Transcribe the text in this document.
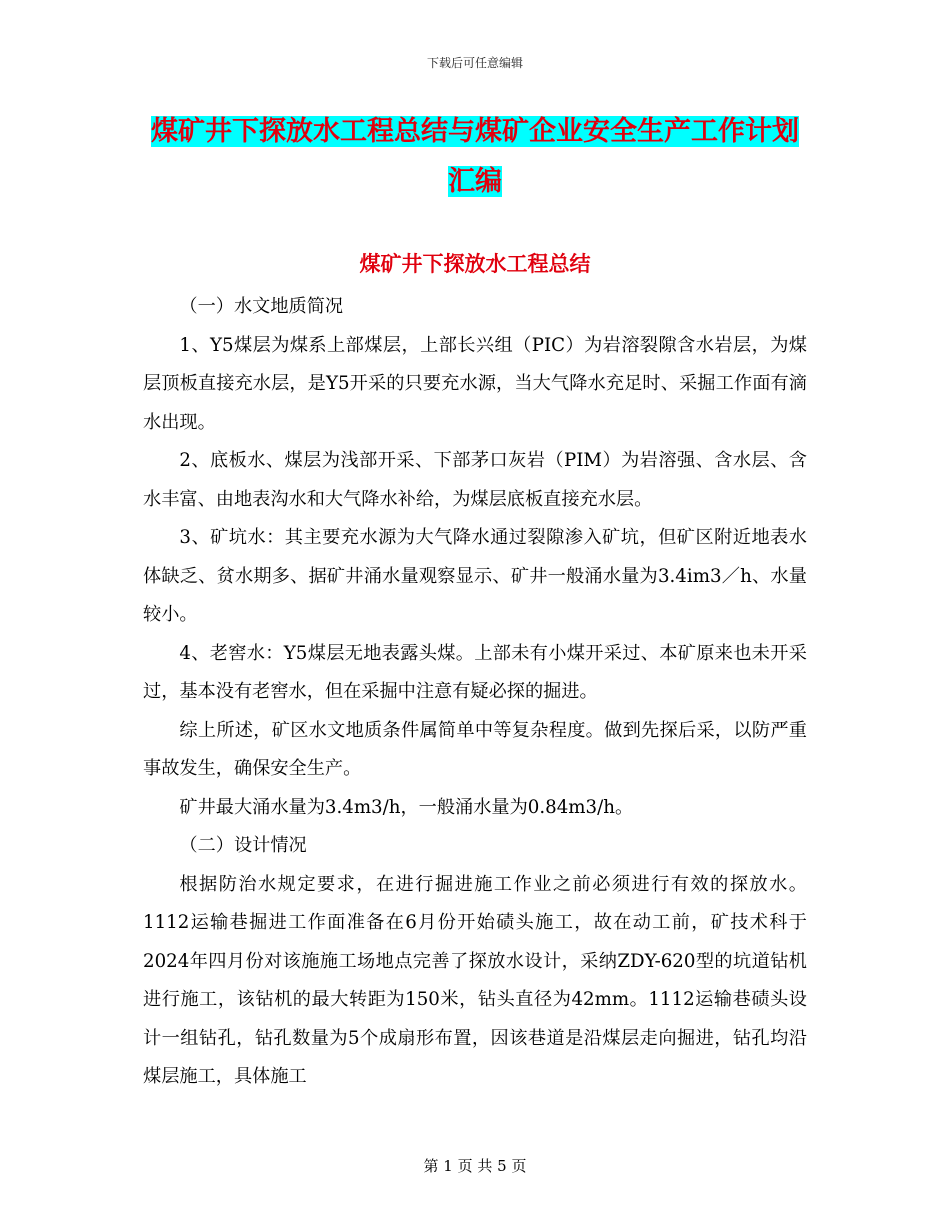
下载后可任意编辑
煤矿井下探放水工程总结与煤矿企业安全生产工作计划汇编
煤矿井下探放水工程总结

（一）水文地质简况

1、Y5煤层为煤系上部煤层，上部长兴组（PIC）为岩溶裂隙含水岩层，为煤层顶板直接充水层，是Y5开采的只要充水源，当大气降水充足时、采掘工作面有滴水出现。

2、底板水、煤层为浅部开采、下部茅口灰岩（PIM）为岩溶强、含水层、含水丰富、由地表沟水和大气降水补给，为煤层底板直接充水层。

3、矿坑水：其主要充水源为大气降水通过裂隙渗入矿坑，但矿区附近地表水体缺乏、贫水期多、据矿井涌水量观察显示、矿井一般涌水量为3.4im3／h、水量较小。

4、老窖水：Y5煤层无地表露头煤。上部未有小煤开采过、本矿原来也未开采过，基本没有老窖水，但在采掘中注意有疑必探的掘进。

综上所述，矿区水文地质条件属简单中等复杂程度。做到先探后采，以防严重事故发生，确保安全生产。

矿井最大涌水量为3.4m3/h，一般涌水量为0.84m3/h。

（二）设计情况

根据防治水规定要求，在进行掘进施工作业之前必须进行有效的探放水。1112运输巷掘进工作面准备在6月份开始碛头施工，故在动工前，矿技术科于2024年四月份对该施施工场地点完善了探放水设计，采纳ZDY-620型的坑道钻机进行施工，该钻机的最大转距为150米，钻头直径为42mm。1112运输巷碛头设计一组钻孔，钻孔数量为5个成扇形布置，因该巷道是沿煤层走向掘进，钻孔均沿煤层施工，具体施工

第 1 页 共 5 页
